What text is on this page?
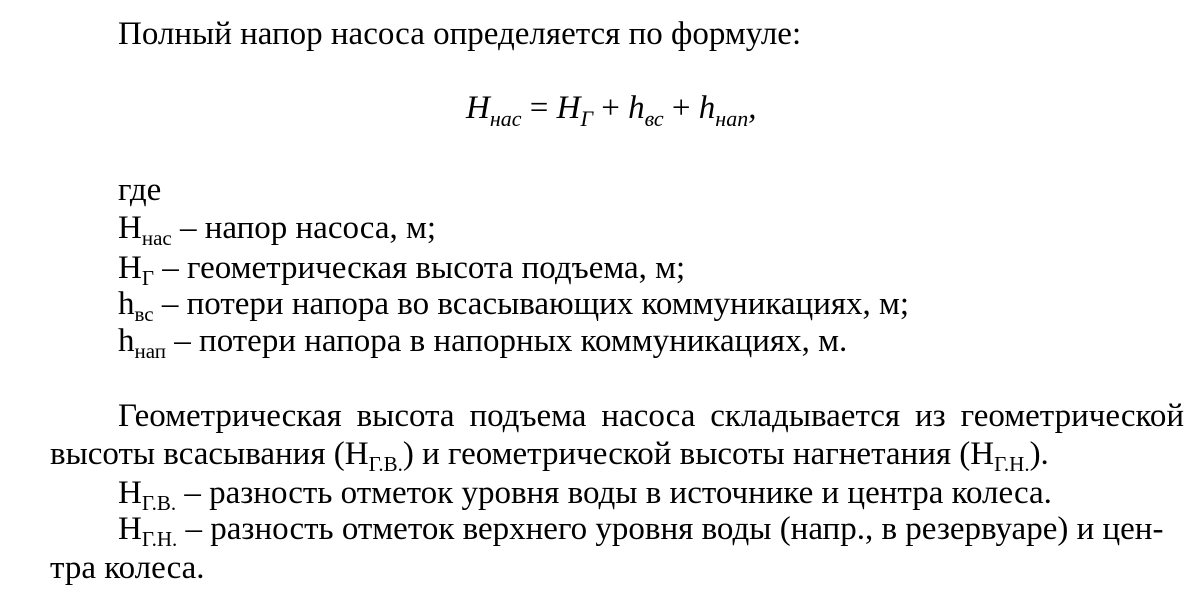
Полный напор насоса определяется по формуле:
$H_{нас} = H_Г + h_{вс} + h_{нап}$,
где
$H_{нас}$ – напор насоса, м;
$H_Г$ – геометрическая высота подъема, м;
$h_{вс}$ – потери напора во всасывающих коммуникациях, м;
$h_{нап}$ – потери напора в напорных коммуникациях, м.
Геометрическая высота подъема насоса складывается из геометрической
высоты всасывания $(H_{Г.В.})$ и геометрической высоты нагнетания $(H_{Г.Н.})$.
$H_{Г.В.}$ – разность отметок уровня воды в источнике и центра колеса.
$H_{Г.Н.}$ – разность отметок верхнего уровня воды (напр., в резервуаре) и цен-
тра колеса.
